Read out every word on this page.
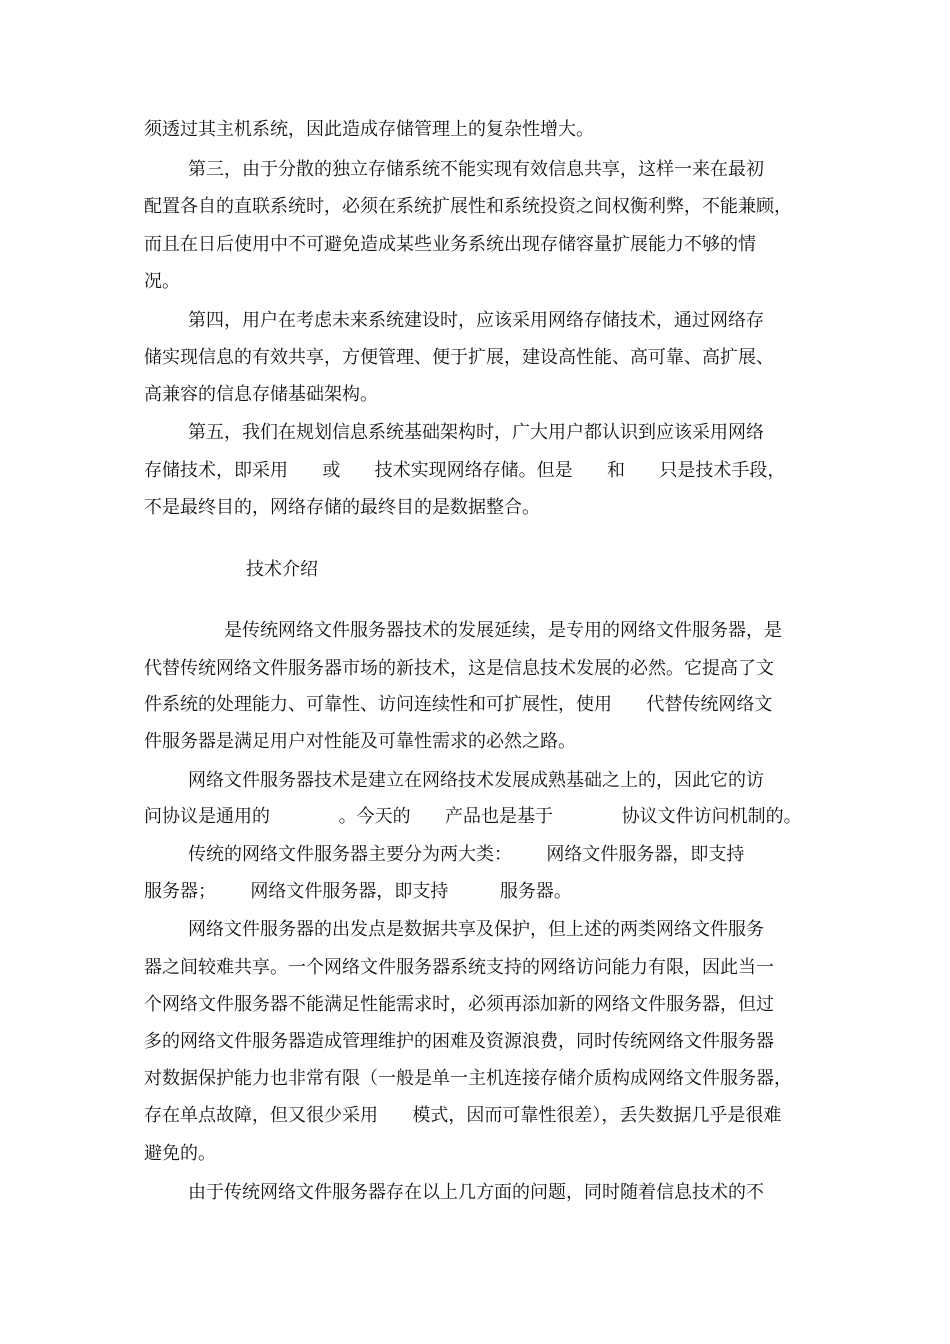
须透过其主机系统，因此造成存储管理上的复杂性增大。
第三，由于分散的独立存储系统不能实现有效信息共享，这样一来在最初
配置各自的直联系统时，必须在系统扩展性和系统投资之间权衡利弊，不能兼顾，
而且在日后使用中不可避免造成某些业务系统出现存储容量扩展能力不够的情
况。
第四，用户在考虑未来系统建设时，应该采用网络存储技术，通过网络存
储实现信息的有效共享，方便管理、便于扩展，建设高性能、高可靠、高扩展、
高兼容的信息存储基础架构。
第五，我们在规划信息系统基础架构时，广大用户都认识到应该采用网络
存储技术，即采用      或      技术实现网络存储。但是      和      只是技术手段，
不是最终目的，网络存储的最终目的是数据整合。
技术介绍
是传统网络文件服务器技术的发展延续，是专用的网络文件服务器，是
代替传统网络文件服务器市场的新技术，这是信息技术发展的必然。它提高了文
件系统的处理能力、可靠性、访问连续性和可扩展性，使用      代替传统网络文
件服务器是满足用户对性能及可靠性需求的必然之路。
网络文件服务器技术是建立在网络技术发展成熟基础之上的，因此它的访
问协议是通用的            。今天的      产品也是基于            协议文件访问机制的。
传统的网络文件服务器主要分为两大类：      网络文件服务器，即支持
服务器；      网络文件服务器，即支持         服务器。
网络文件服务器的出发点是数据共享及保护，但上述的两类网络文件服务
器之间较难共享。一个网络文件服务器系统支持的网络访问能力有限，因此当一
个网络文件服务器不能满足性能需求时，必须再添加新的网络文件服务器，但过
多的网络文件服务器造成管理维护的困难及资源浪费，同时传统网络文件服务器
对数据保护能力也非常有限（一般是单一主机连接存储介质构成网络文件服务器，
存在单点故障，但又很少采用      模式，因而可靠性很差），丢失数据几乎是很难
避免的。
由于传统网络文件服务器存在以上几方面的问题，同时随着信息技术的不
